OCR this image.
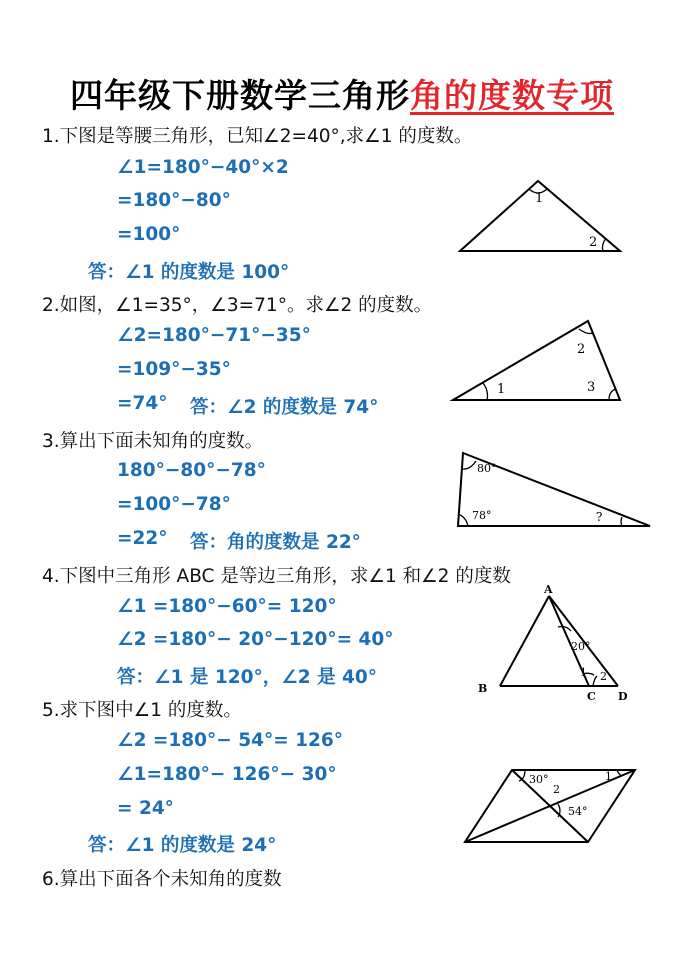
四年级下册数学三角形角的度数专项
1.下图是等腰三角形，已知∠2=40°,求∠1 的度数。
∠1=180°−40°×2
=180°−80°
=100°
答：∠1 的度数是 100°
1
2
2.如图，∠1=35°，∠3=71°。求∠2 的度数。
∠2=180°−71°−35°
=109°−35°
=74° 答：∠2 的度数是 74°
1
2
3
3.算出下面未知角的度数。
180°−80°−78°
=100°−78°
=22° 答：角的度数是 22°
80°
78°	?
4.下图中三角形 ABC 是等边三角形，求∠1 和∠2 的度数
∠1 =180°−60°= 120°
∠2 =180°− 20°−120°= 40°
答：∠1 是 120°，∠2 是 40°
A
B
C D
20°
1 2
5.求下图中∠1 的度数。
∠2 =180°− 54°= 126°
∠1=180°− 126°− 30°
= 24°
答：∠1 的度数是 24°
30°	1
2
54°
6.算出下面各个未知角的度数
